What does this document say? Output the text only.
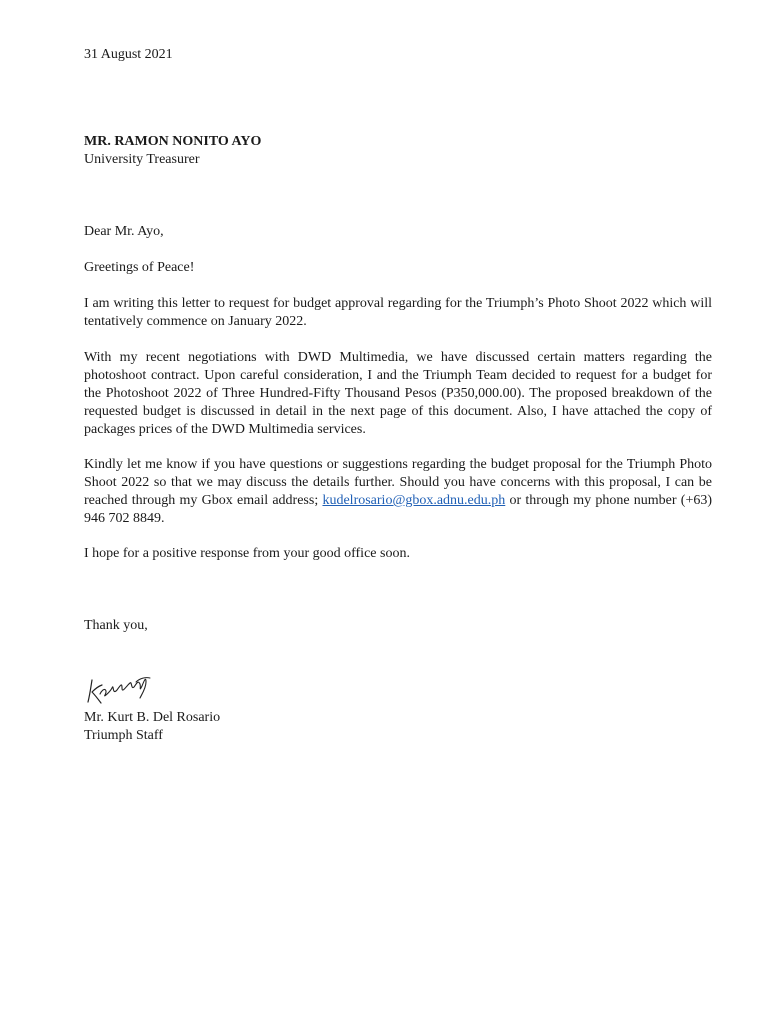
31 August 2021

MR. RAMON NONITO AYO

University Treasurer

Dear Mr. Ayo,

Greetings of Peace!

I am writing this letter to request for budget approval regarding for the Triumph’s Photo Shoot 2022 which will tentatively commence on January 2022.

With my recent negotiations with DWD Multimedia, we have discussed certain matters regarding the photoshoot contract. Upon careful consideration, I and the Triumph Team decided to request for a budget for the Photoshoot 2022 of Three Hundred-Fifty Thousand Pesos (P350,000.00). The proposed breakdown of the requested budget is discussed in detail in the next page of this document. Also, I have attached the copy of packages prices of the DWD Multimedia services.

Kindly let me know if you have questions or suggestions regarding the budget proposal for the Triumph Photo Shoot 2022 so that we may discuss the details further. Should you have concerns with this proposal, I can be reached through my Gbox email address; kudelrosario@gbox.adnu.edu.ph or through my phone number (+63) 946 702 8849.

I hope for a positive response from your good office soon.

Thank you,

Mr. Kurt B. Del Rosario

Triumph Staff
